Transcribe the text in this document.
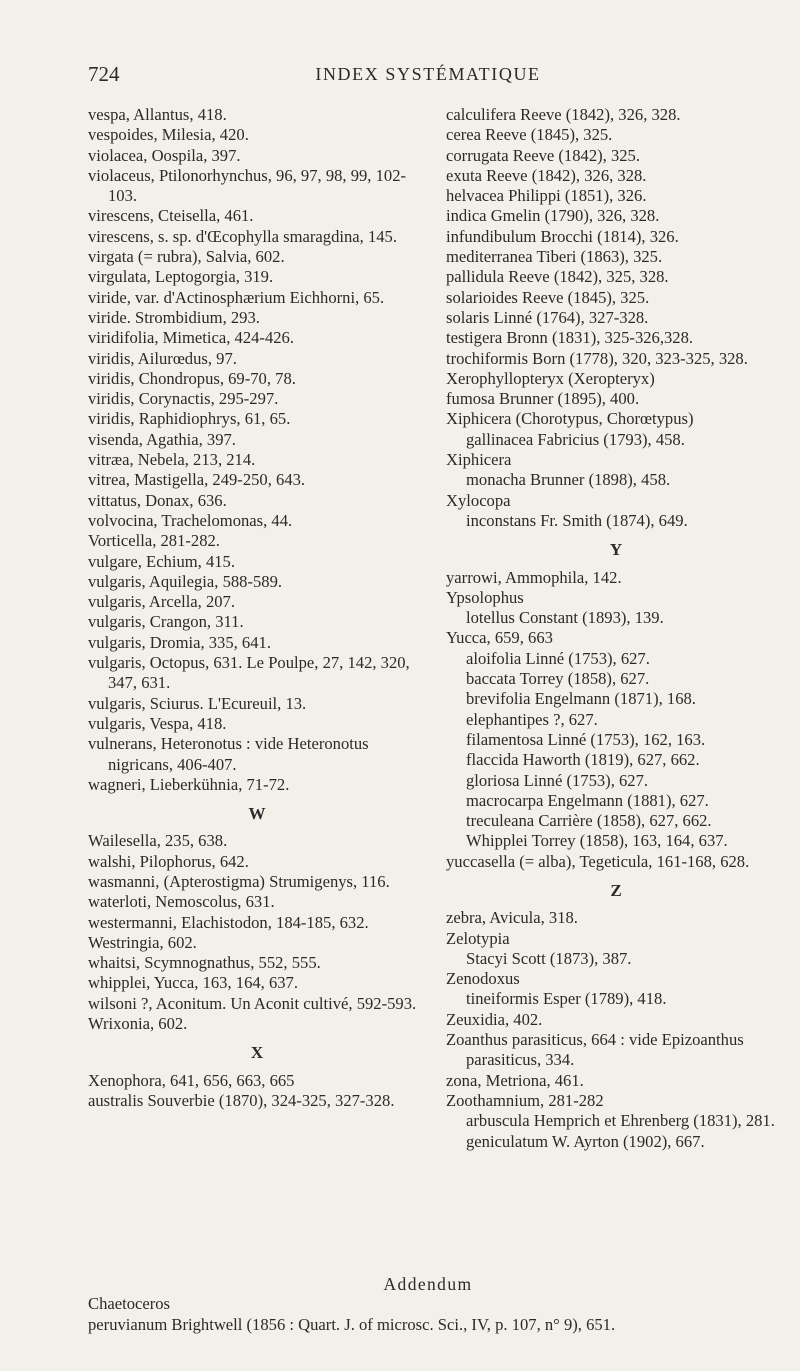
724	INDEX SYSTÉMATIQUE
vespa, Allantus, 418.
vespoides, Milesia, 420.
violacea, Oospila, 397.
violaceus, Ptilonorhynchus, 96, 97, 98, 99, 102-103.
virescens, Cteisella, 461.
virescens, s. sp. d'Œcophylla smaragdina, 145.
virgata (= rubra), Salvia, 602.
virgulata, Leptogorgia, 319.
viride, var. d'Actinosphærium Eichhorni, 65.
viride. Strombidium, 293.
viridifolia, Mimetica, 424-426.
viridis, Ailurœdus, 97.
viridis, Chondropus, 69-70, 78.
viridis, Corynactis, 295-297.
viridis, Raphidiophrys, 61, 65.
visenda, Agathia, 397.
vitræa, Nebela, 213, 214.
vitrea, Mastigella, 249-250, 643.
vittatus, Donax, 636.
volvocina, Trachelomonas, 44.
Vorticella, 281-282.
vulgare, Echium, 415.
vulgaris, Aquilegia, 588-589.
vulgaris, Arcella, 207.
vulgaris, Crangon, 311.
vulgaris, Dromia, 335, 641.
vulgaris, Octopus, 631. Le Poulpe, 27, 142, 320, 347, 631.
vulgaris, Sciurus. L'Ecureuil, 13.
vulgaris, Vespa, 418.
vulnerans, Heteronotus : vide Heteronotus nigricans, 406-407.
wagneri, Lieberkühnia, 71-72.
W
Wailesella, 235, 638.
walshi, Pilophorus, 642.
wasmanni, (Apterostigma) Strumigenys, 116.
waterloti, Nemoscolus, 631.
westermanni, Elachistodon, 184-185, 632.
Westringia, 602.
whaitsi, Scymnognathus, 552, 555.
whipplei, Yucca, 163, 164, 637.
wilsoni ?, Aconitum. Un Aconit cultivé, 592-593.
Wrixonia, 602.
X
Xenophora, 641, 656, 663, 665
australis Souverbie (1870), 324-325, 327-328.
calculifera Reeve (1842), 326, 328.
cerea Reeve (1845), 325.
corrugata Reeve (1842), 325.
exuta Reeve (1842), 326, 328.
helvacea Philippi (1851), 326.
indica Gmelin (1790), 326, 328.
infundibulum Brocchi (1814), 326.
mediterranea Tiberi (1863), 325.
pallidula Reeve (1842), 325, 328.
solarioides Reeve (1845), 325.
solaris Linné (1764), 327-328.
testigera Bronn (1831), 325-326,328.
trochiformis Born (1778), 320, 323-325, 328.
Xerophyllopteryx (Xeropteryx)
fumosa Brunner (1895), 400.
Xiphicera (Chorotypus, Chorœtypus)
gallinacea Fabricius (1793), 458.
Xiphicera
monacha Brunner (1898), 458.
Xylocopa
inconstans Fr. Smith (1874), 649.
Y
yarrowi, Ammophila, 142.
Ypsolophus
lotellus Constant (1893), 139.
Yucca, 659, 663
aloifolia Linné (1753), 627.
baccata Torrey (1858), 627.
brevifolia Engelmann (1871), 168.
elephantipes ?, 627.
filamentosa Linné (1753), 162, 163.
flaccida Haworth (1819), 627, 662.
gloriosa Linné (1753), 627.
macrocarpa Engelmann (1881), 627.
treculeana Carrière (1858), 627, 662.
Whipplei Torrey (1858), 163, 164, 637.
yuccasella (= alba), Tegeticula, 161-168, 628.
Z
zebra, Avicula, 318.
Zelotypia
Stacyi Scott (1873), 387.
Zenodoxus
tineiformis Esper (1789), 418.
Zeuxidia, 402.
Zoanthus parasiticus, 664 : vide Epizoanthus parasiticus, 334.
zona, Metriona, 461.
Zoothamnium, 281-282
arbuscula Hemprich et Ehrenberg (1831), 281.
geniculatum W. Ayrton (1902), 667.
Addendum
Chaetoceros
peruvianum Brightwell (1856 : Quart. J. of microsc. Sci., IV, p. 107, n° 9), 651.
